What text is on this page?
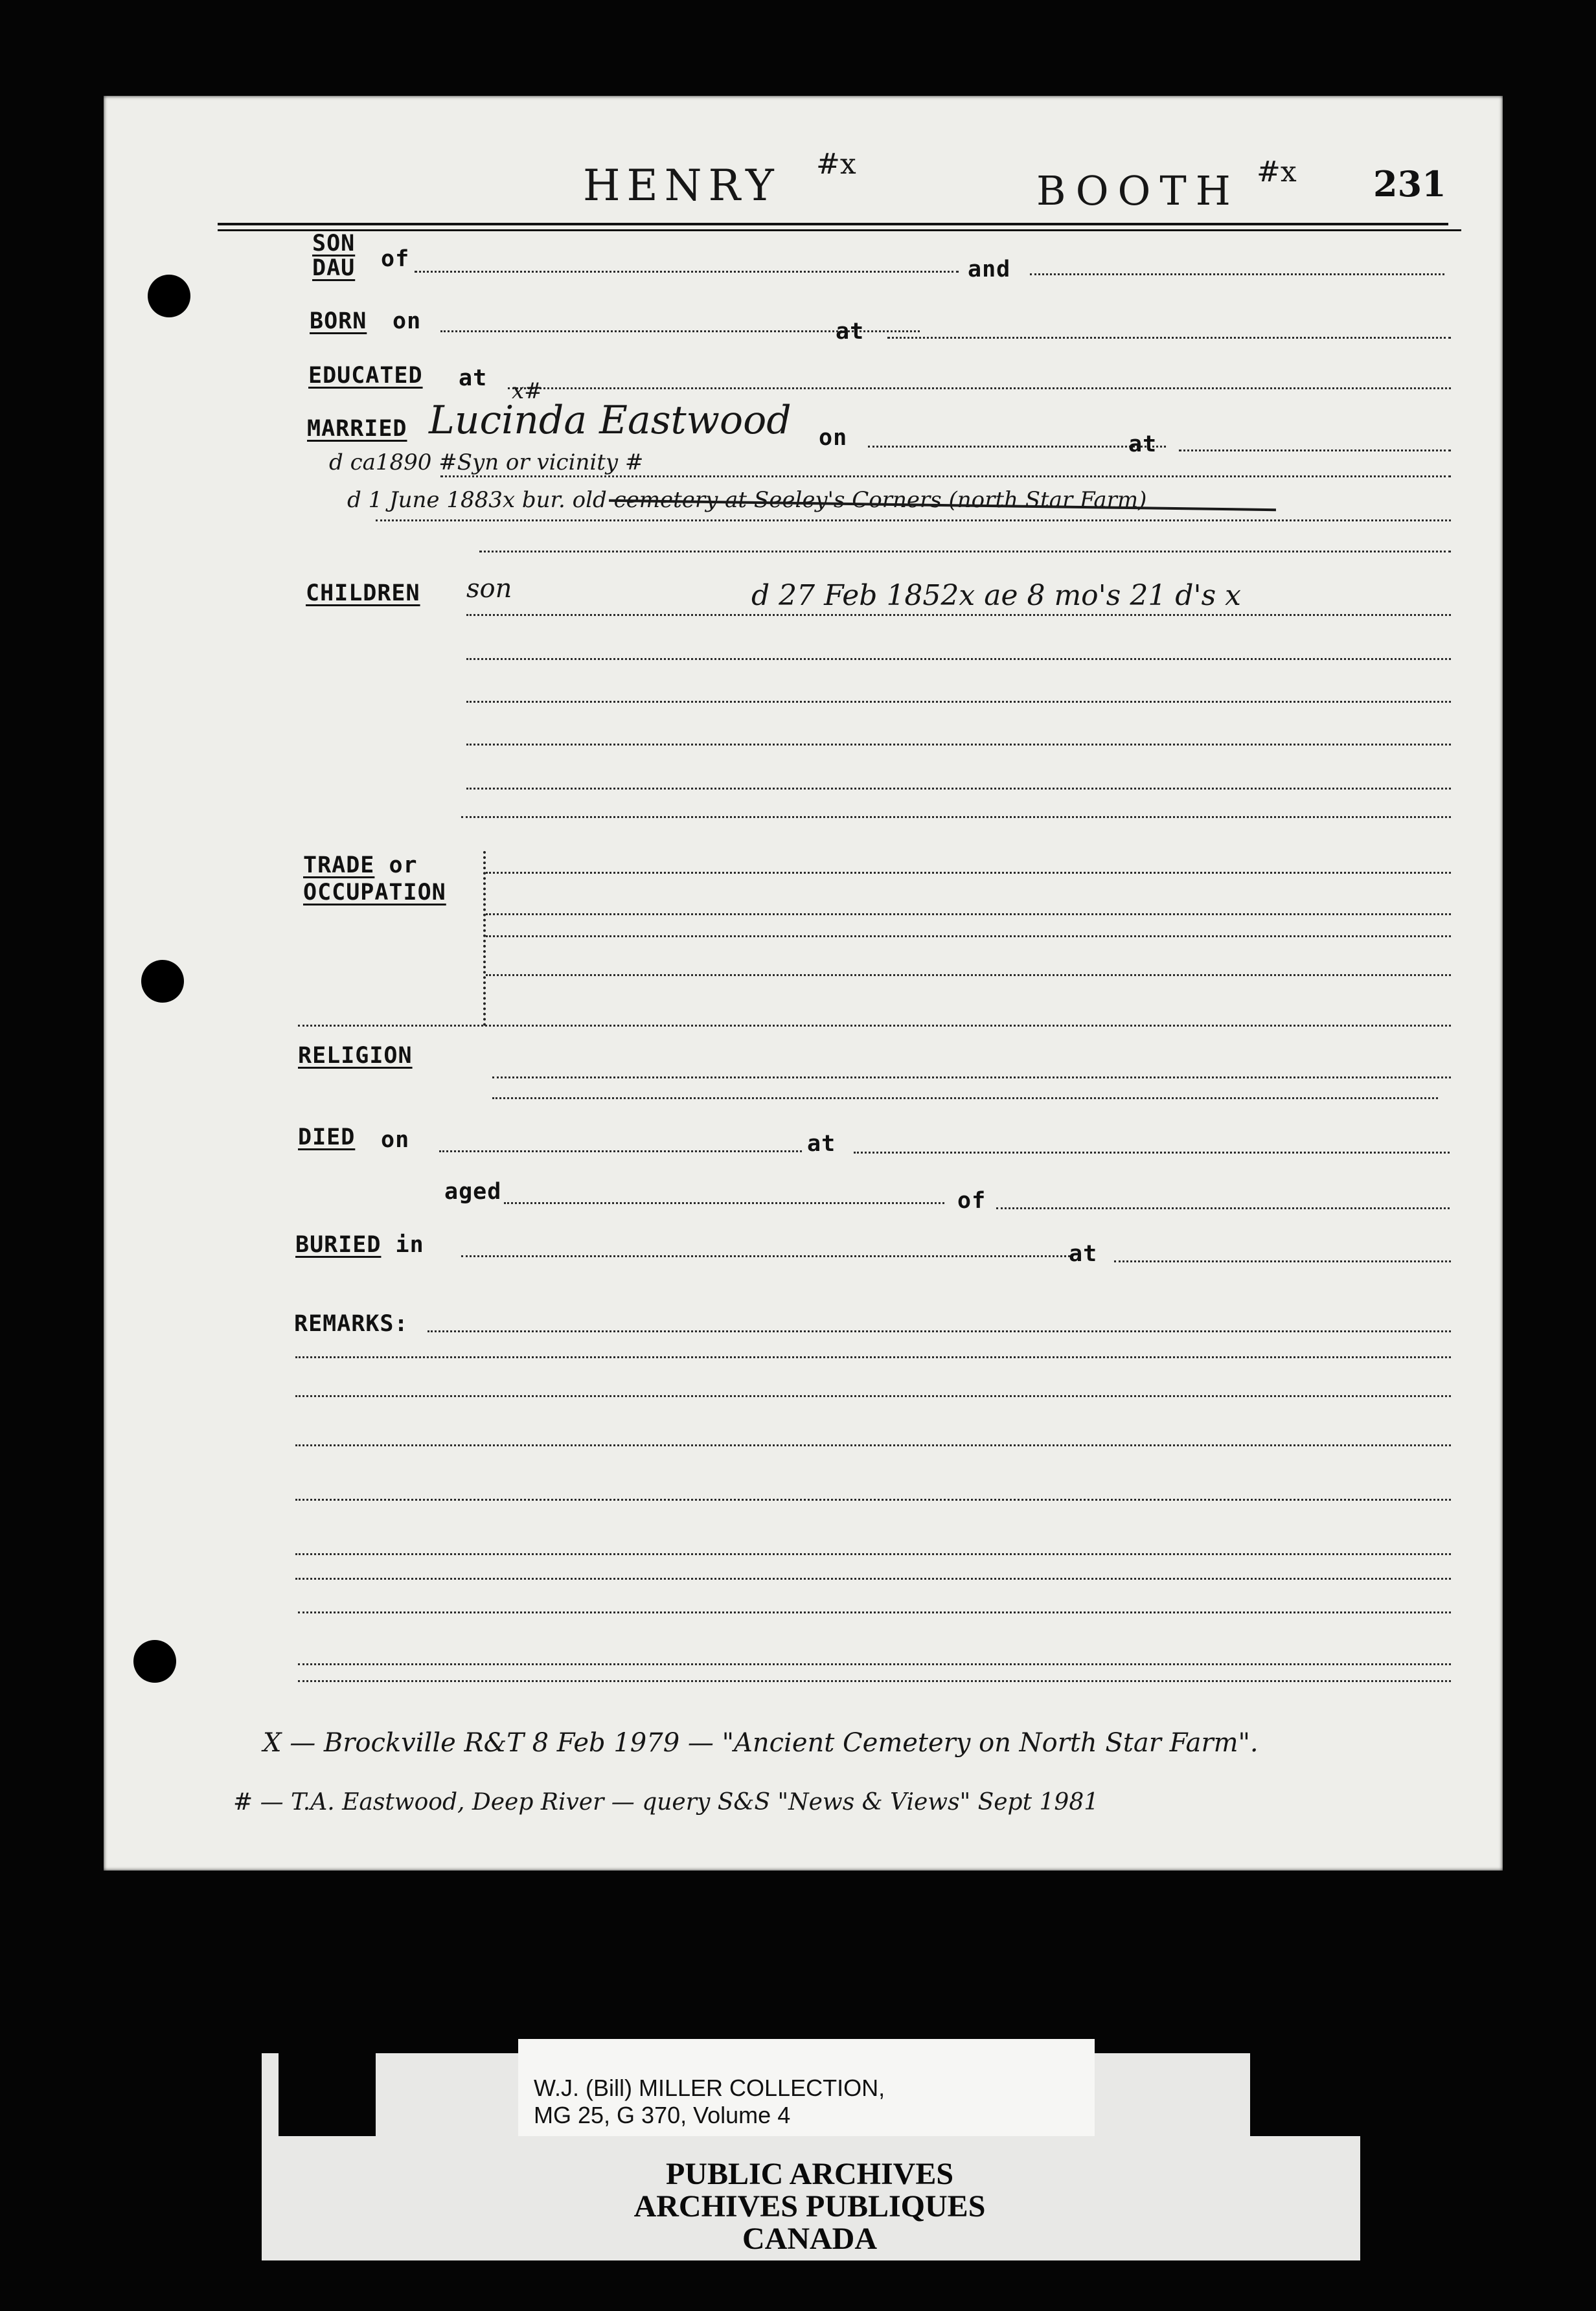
HENRY #x
BOOTH #x 231
SON
DAU of	and
BORN on	at
EDUCATED at
MARRIED Lucinda Eastwood
x#
on	at
d ca1890 #Syn or vicinity #
d 1 June 1883x bur. old cemetery at Seeley's Corners (north Star Farm)
CHILDREN son	d 27 Feb 1852x ae 8 mo's 21 d's x
TRADE or
OCCUPATION
RELIGION
DIED on	at
aged	of
BURIED in	at
REMARKS:
X — Brockville R&T 8 Feb 1979 — "Ancient Cemetery on North Star Farm".
# — T.A. Eastwood, Deep River — query S&S "News & Views" Sept 1981
W.J. (Bill) MILLER COLLECTION,
MG 25, G 370, Volume 4
PUBLIC ARCHIVES
ARCHIVES PUBLIQUES
CANADA
